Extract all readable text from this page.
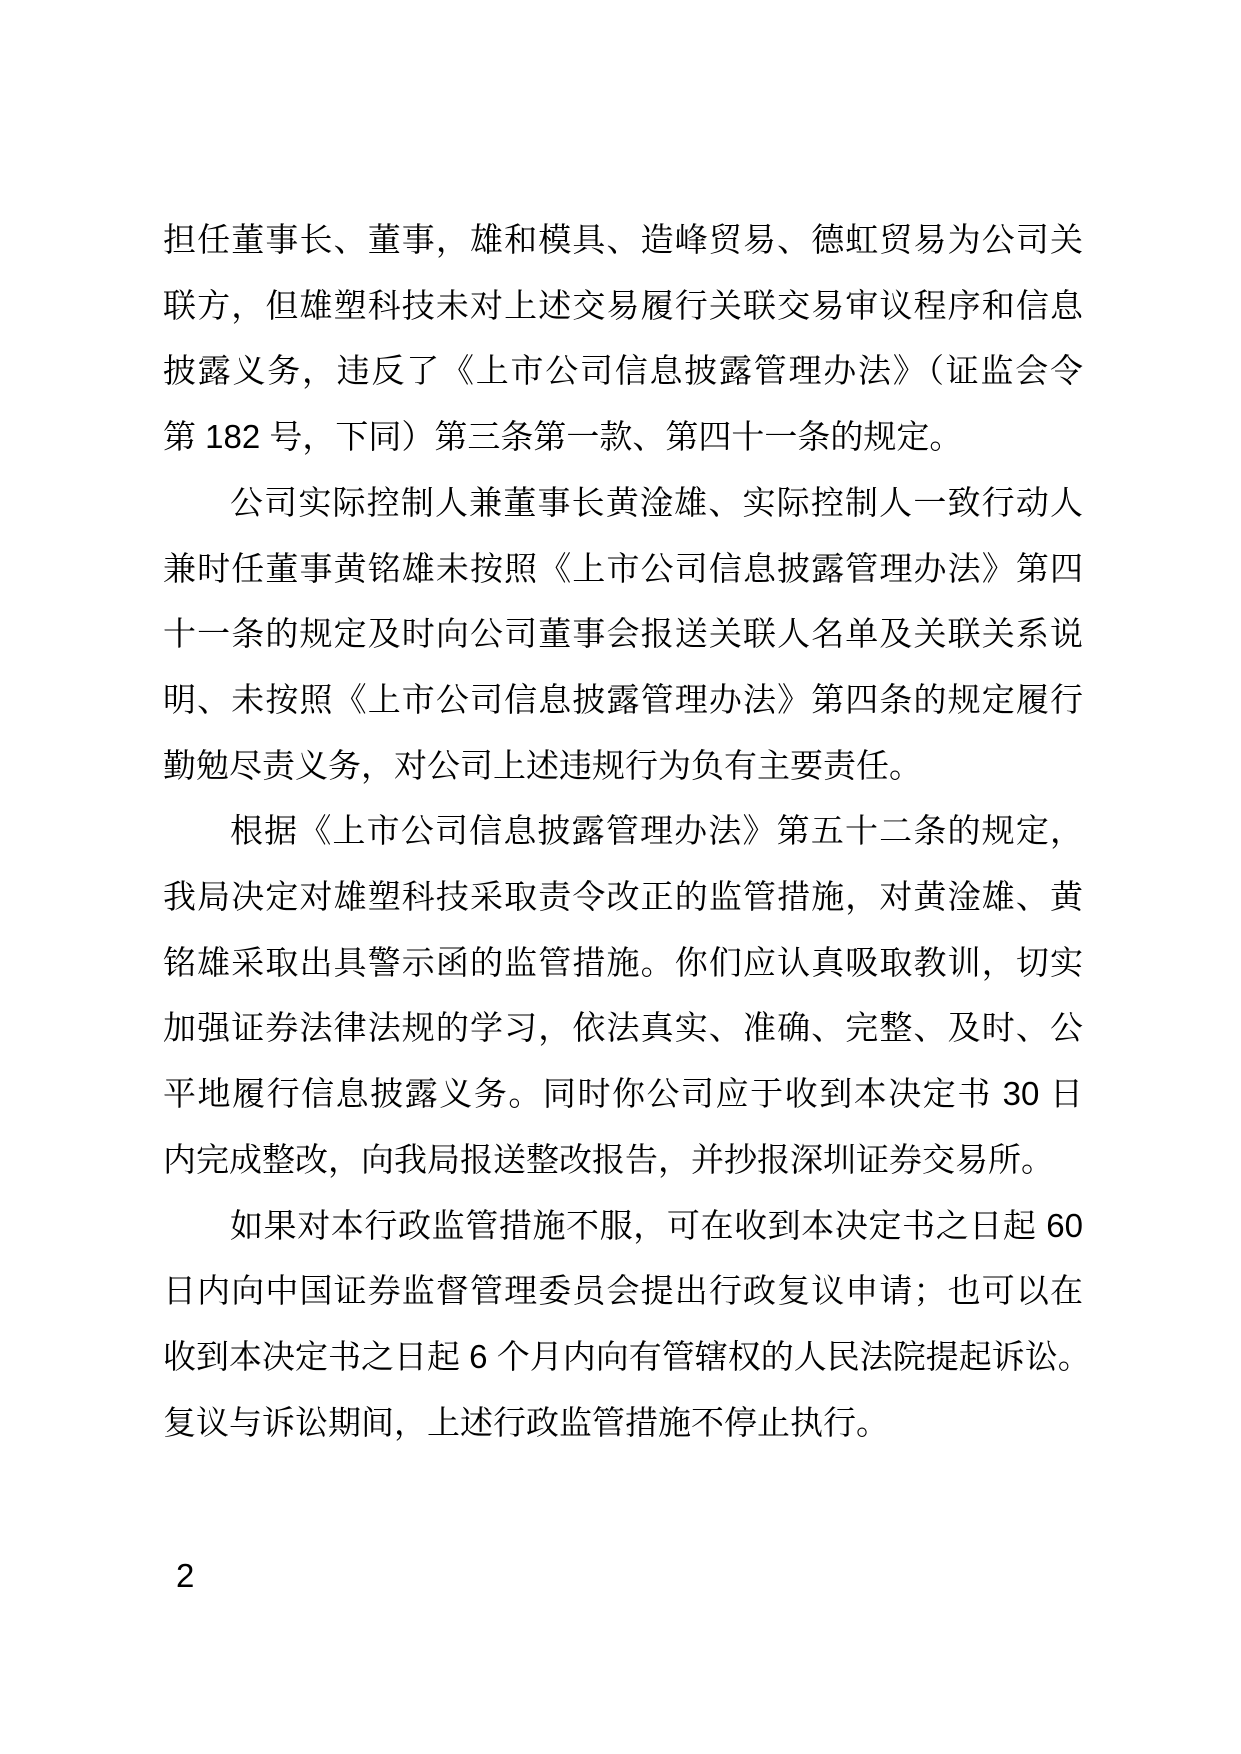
担任董事长、董事，雄和模具、造峰贸易、德虹贸易为公司关
联方，但雄塑科技未对上述交易履行关联交易审议程序和信息
披露义务，违反了《上市公司信息披露管理办法》（证监会令
第 182 号，下同）第三条第一款、第四十一条的规定。
公司实际控制人兼董事长黄淦雄、实际控制人一致行动人
兼时任董事黄铭雄未按照《上市公司信息披露管理办法》第四
十一条的规定及时向公司董事会报送关联人名单及关联关系说
明、未按照《上市公司信息披露管理办法》第四条的规定履行
勤勉尽责义务，对公司上述违规行为负有主要责任。
根据《上市公司信息披露管理办法》第五十二条的规定，
我局决定对雄塑科技采取责令改正的监管措施，对黄淦雄、黄
铭雄采取出具警示函的监管措施。你们应认真吸取教训，切实
加强证券法律法规的学习，依法真实、准确、完整、及时、公
平地履行信息披露义务。同时你公司应于收到本决定书 30 日
内完成整改，向我局报送整改报告，并抄报深圳证券交易所。
如果对本行政监管措施不服，可在收到本决定书之日起 60
日内向中国证券监督管理委员会提出行政复议申请；也可以在
收到本决定书之日起 6 个月内向有管辖权的人民法院提起诉讼。
复议与诉讼期间，上述行政监管措施不停止执行。
2
